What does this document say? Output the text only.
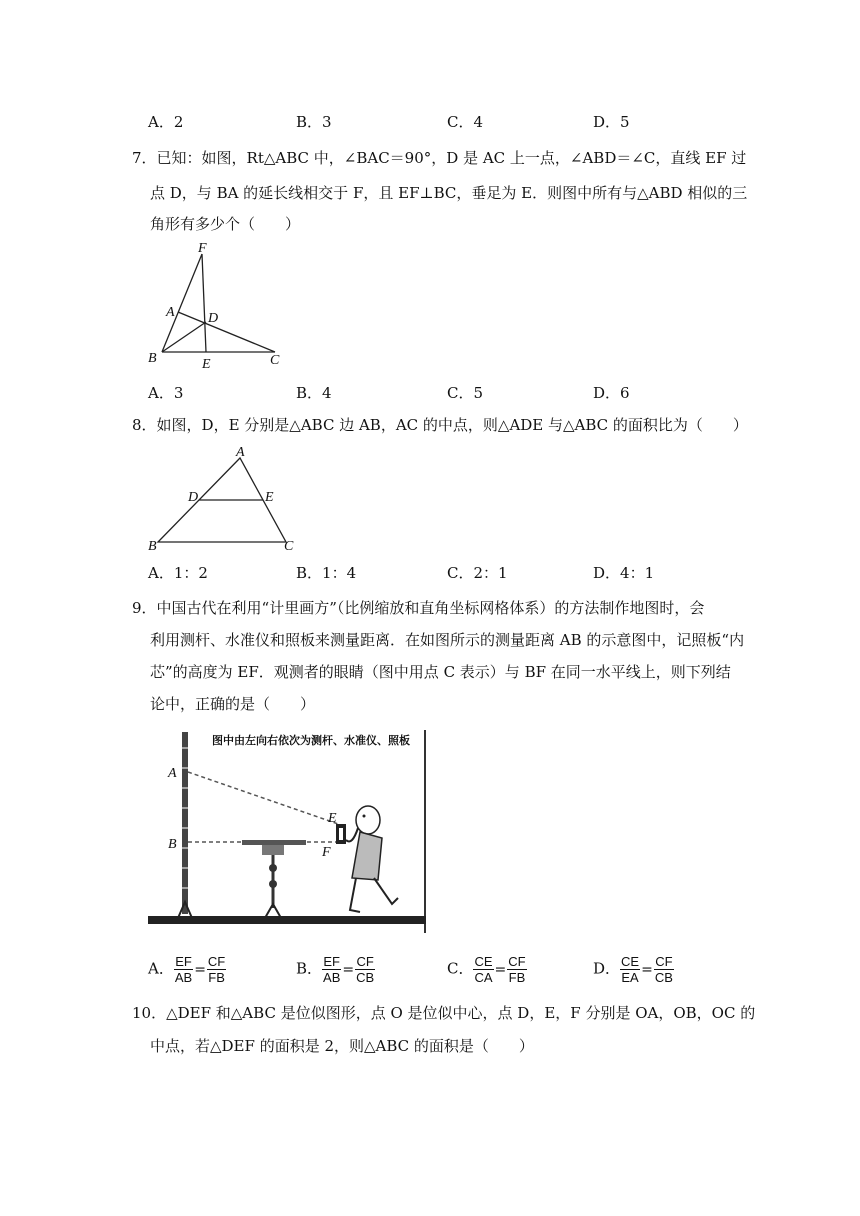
A．2	B．3	C．4	D．5
7．已知：如图，Rt△ABC 中，∠BAC＝90°，D 是 AC 上一点，∠ABD＝∠C，直线 EF 过
点 D，与 BA 的延长线相交于 F，且 EF⊥BC，垂足为 E．则图中所有与△ABD 相似的三
角形有多少个（　　）
F
A D
B	E	C
A．3	B．4	C．5	D．6
8．如图，D，E 分别是△ABC 边 AB，AC 的中点，则△ADE 与△ABC 的面积比为（　　）
A
D	E
B	C
A．1：2	B．1：4	C．2：1	D．4：1
9．中国古代在利用“计里画方”（比例缩放和直角坐标网格体系）的方法制作地图时，会
利用测杆、水准仪和照板来测量距离．在如图所示的测量距离 AB 的示意图中，记照板“内
芯”的高度为 EF．观测者的眼睛（图中用点 C 表示）与 BF 在同一水平线上，则下列结
论中，正确的是（　　）
图中由左向右依次为测杆、水准仪、照板
A
B
E
F
A． $\frac{EF}{AB} = \frac{CF}{FB}$	B． $\frac{EF}{AB} = \frac{CF}{CB}$	C． $\frac{CE}{CA} = \frac{CF}{FB}$	D． $\frac{CE}{EA} = \frac{CF}{CB}$
10．△DEF 和△ABC 是位似图形，点 O 是位似中心，点 D，E，F 分别是 OA，OB，OC 的
中点，若△DEF 的面积是 2，则△ABC 的面积是（　　）
